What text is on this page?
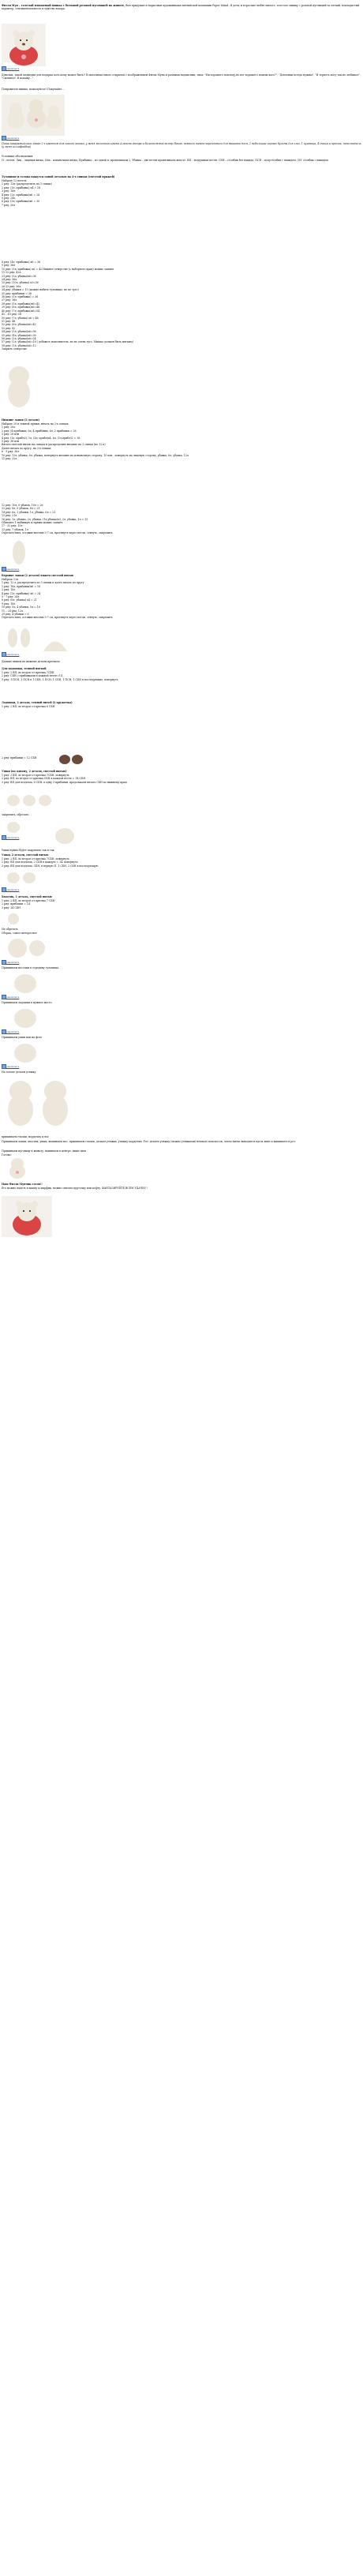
Физзи Мун – толстый плюшевый мишка с большой розовой пуговицей на животе, был придуман и нарисован художниками английской компании Paper Island. И дети, и взрослые любят милого, толстого мишку с розовой пуговицей за легкий, покладистый характер, сентиментальность и чувство юмора.
увеличить
Девочки, такой медведик для подарка хоть кому может быть!! В магазинах много открыток с изображением Физзи Муна и разными надписями, типа: "Ни хорошего повсюду,но вот хорошего пошлы кого?", "Девчонки всегда нужны", "Я терпеть могу так,но любимое", "Смешное! Я покажу..."
Понравился мишка, пожалуйста? Покупайте...
увеличить
Пиша пахарамыйлики: вязан 2-х цветном для самого мишки, у меня молочного цвета Альпина Ангора и белоснежный велюр Наков, немного темно-коричневого для вышивки носа, 2 небольшие черных бусины для глаз, 1 пуговица, 4 спицы и крючок, наполнитель (у меня холлофайбер)
Условные обозначения:
П – петля, Лиц – лицевая вязка, Изн – изнаночная вязка, Прибавка – из одной п. провязываем 2, Убавка – две петли провязываем вместе. ВП – воздушная петля, СБН – столбик без накида, ПСН – полустолбик с накидом, СН- столбик с накидом
Туловище и голова вяжутся одной деталью на 4-х спицах (светлой пряжей)
Набрать 12 петель
1 ряд: 12п (распределить по 3 спицы)
2 ряд: (1л, прибавка) х4 = 18
3 ряд: 18л
4 ряд: (2л, прибавка)х6 = 24
5 ряд: 24л
6 ряд: (3л, прибавка)х6 = 30
7 ряд: 30л
8 ряд: (4л, прибавка) х6 = 36
9 ряд: 36л
10 ряд: (5л, прибавка) х6 = 42 Нижнее отверстие (с наборного края) можно зашить
11-22 ряд: 42л
23 ряд: (5л, убавка)х6=36
24 ряд: 36л
25 ряд: (10л, убавка) х3=36
26-33 ряд: 36л
34 ряд: убавки = 15 (можно набить туловище, но не туго)
35 ряд: прибавки = 36
36 ряд: (5л, прибавка) = 36
37 ряд: 36л
38 ряд: (5л, прибавка)х6=42
39 ряд: (6л, прибавка)х6=48
40 ряд: (7л, прибавка)х6=54
41 – 49 ряд: 54
50 ряд: (7л, убавка) х6 = 48
51 ряд: 48
52 ряд: (6л, убавка)х6=42
53 ряд: 42
54 ряд: (5л, убавка)х6=36
55 ряд: (4л, убавка)х6=30
56 ряд: (3л, убавка)х6=24
57 ряд: (2л, убавка)х6=18 ( добавьте наполнитель, но не очень туго. Мишка должен быть мягким)
58 ряд: (1л, убавка)х6=12
Закрыть отверстие
Нижние лапки (2 детали)
Набрать 20 п темной пряжи, вязать на 2-х спицах
1 ряд: 20л
2 ряд: (4 прибавки, 6л, 4 прибавки, 6л, 2 прибавки = 28
3 ряд: 28 изн
4 ряд: (1л, прибл2), 1л, (1л, прибл)х4, 6л, (1л,прибл)2 = 38
5 ряд: 38 изн
Вязать светлой нитью на спицах и распределим вязание на 3 спицы (по 12 п)
Далее вязать по кругу, на 3-х спицах
6 - 9 ряд: 36л
10 ряд: 12л, убавка, 8л, убавка, повернуть вязание на изнаночную сторону, 10 изн. ,повернуть на лицевую сторону, убавка, 6л, убавка, 12л
11 ряд: 32л
12 ряд: 10л, 6 убавок, 10л = 26
13 ряд: 8л, 5 убавок, 8л = 21
14 ряд: 6л, 3 убавки, 1л, убавка, 6л = 21
15 ряд: 21л
16 ряд: 1л, убавка, 2л, убавка, (1л,убавка)х3, 2л, убавка, 1л = 15
Сбавляет 1 набивкую и пряжи можно зашить
17 - 32 ряд: 15л
33 ряд: 7 убавок, 1л
Отрезать нить, оставив хвостик 5-7 см, протянуть через петли, стянуть, закрепить.
увеличить
Верхние лапки (2 детали) вяжем светлой нитью
Набрать 12п
1 ряд: 12 л, распределить по 3 спицы и далее вязать по кругу
2 ряд: 18л, прибавки)х6 = 18
3 ряд: 18л
4 ряд: (2л, прибавка) х6 = 24
5 - 7 ряд: 24л
8 ряд: (6л, убавка) х4 = 21
9 ряд: 18л
10 ряд: 5л, 4 убавки, 5л = 16
11 – 28 ряд: 12л
29 ряд: 4 убавки = 6
Отрезать нить, оставив хвостик 5-7 см, протянуть через петли, стянуть, закрепить.
увеличить
Дальше вяжем на нижние детали крючком
Для подошвы, темной ниткой
1 ряд: 2 ВП, во второе от крючка 7СБН
2 ряд: СБН с прибавками в каждой петле=14
3 ряд: 1 ПСН, 3 ПСН в 1 СБН, 1 ПСН, 1 СБН, 1 ПСН, 1 СБН в последующие, повернуть
Ладошки, 2 детали, темной нитей (2 кружочка)
1 ряд: 2 ВП, во второе от крючка 6 СБН
2 ряд: прибавки = 12 СБН
Ушки (по одному, 2 детали, светлой нитью)
1 ряд: 2 ВП, во второе от крючка 7СБН, повернуть
2 ряд: ВП, во второе от крючка СБН в каждой петле = 14 СБН
3 ряд: ВП для подъема, 6 СБН, в одну 3 прибавки, продолжаем вязать СБН по нижнему краю
закрепить, обрезать
увеличить
Ушки нужно будет закрепить так и так
Ушки, 2 детали, светлой нитью
1 ряд: 2 ВП, во второе от крючка 7СБН, повернуть
2 ряд: ВП для подъема, 2 СБН в каждую = 14, повернуть
3 ряд: ВП для подъема, СБН, в первую П. 1 СБН, 2 СБН в последующую
увеличить
Хвостик, 1 деталь, светлой нитью
1 ряд: 2 ВП, во второе от крючка 7 СБН
2 ряд: прибавки = 14
3 ряд: 14 СБН
Не обрезать
Сборка, самое интересное
увеличить
Пришиваем носочки в середину туловища.
увеличить
Пришиваем ладошки в нужное место
увеличить
Пришиваем ушки как на фото
увеличить
На голове делаем утяжку
пришиваем глазки, мордочку и нос
Пришиваем лапки, хвостик, ушки, вышиваем нос, пришиваем глазки, делаем утяжки, утяжку мордочки. Рот: делаем утяжку (можно утяжками) немного наискосок, затем нитка выводится вдоль вниз и вышивается рот.
Пришиваем пуговицу к животу, нашиваем в центре, ниже шеи
Готово!
Наш Физзи Мунчик готов!!
Его можно надеть в шапку и шарфик, можно связать курточку или кофту. ФАНТАЗИРУЙТЕ ВСЕМ УДАЧИ!!!
